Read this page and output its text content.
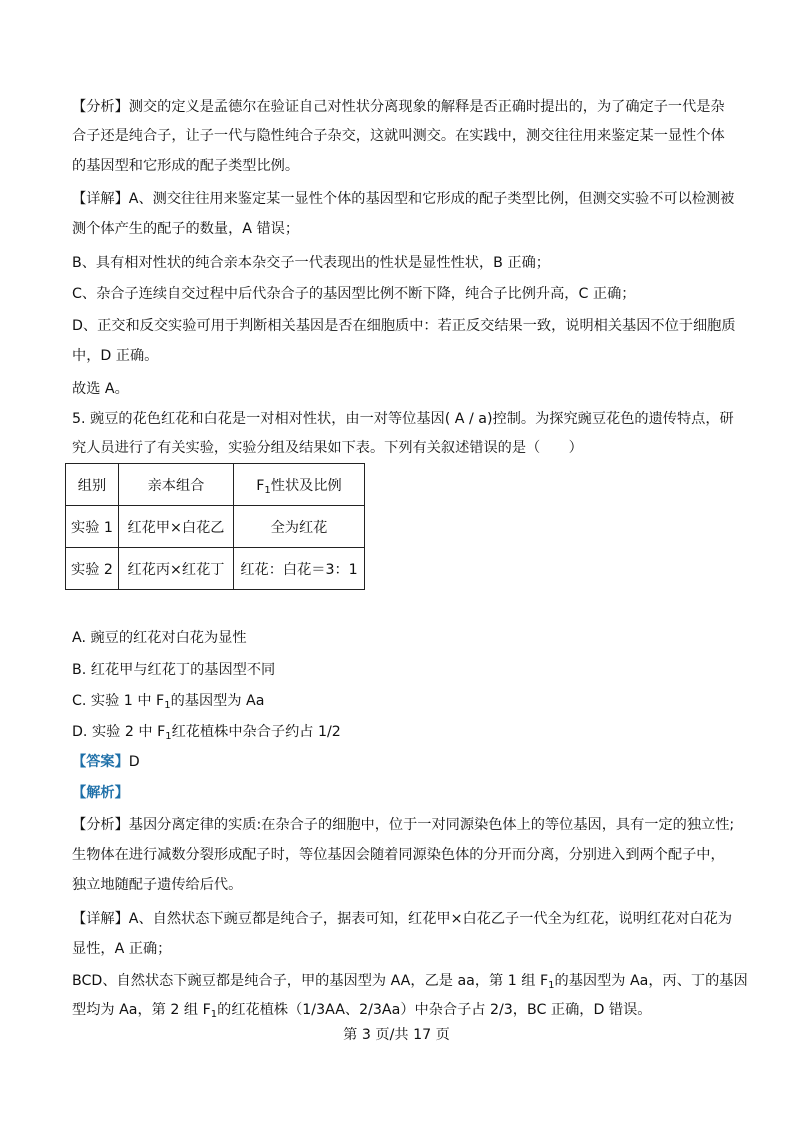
【分析】测交的定义是孟德尔在验证自己对性状分离现象的解释是否正确时提出的，为了确定子一代是杂
合子还是纯合子，让子一代与隐性纯合子杂交，这就叫测交。在实践中，测交往往用来鉴定某一显性个体
的基因型和它形成的配子类型比例。
【详解】A、测交往往用来鉴定某一显性个体的基因型和它形成的配子类型比例，但测交实验不可以检测被
测个体产生的配子的数量，A 错误；
B、具有相对性状的纯合亲本杂交子一代表现出的性状是显性性状，B 正确；
C、杂合子连续自交过程中后代杂合子的基因型比例不断下降，纯合子比例升高，C 正确；
D、正交和反交实验可用于判断相关基因是否在细胞质中：若正反交结果一致，说明相关基因不位于细胞质
中，D 正确。
故选 A。
5. 豌豆的花色红花和白花是一对相对性状，由一对等位基因( A / a)控制。为探究豌豆花色的遗传特点，研
究人员进行了有关实验，实验分组及结果如下表。下列有关叙述错误的是（　　）
组别	亲本组合	$F_1$性状及比例
实验 1	红花甲×白花乙	全为红花
实验 2	红花丙×红花丁	红花：白花＝3：1
A. 豌豆的红花对白花为显性
B. 红花甲与红花丁的基因型不同
C. 实验 1 中 $F_1$的基因型为 Aa
D. 实验 2 中 $F_1$红花植株中杂合子约占 1/2
【答案】D
【解析】
【分析】基因分离定律的实质:在杂合子的细胞中，位于一对同源染色体上的等位基因，具有一定的独立性;
生物体在进行减数分裂形成配子时，等位基因会随着同源染色体的分开而分离，分别进入到两个配子中，
独立地随配子遗传给后代。
【详解】A、自然状态下豌豆都是纯合子，据表可知，红花甲×白花乙子一代全为红花，说明红花对白花为
显性，A 正确；
BCD、自然状态下豌豆都是纯合子，甲的基因型为 AA，乙是 aa，第 1 组 $F_1$的基因型为 Aa，丙、丁的基因
型均为 Aa，第 2 组 $F_1$的红花植株（1/3AA、2/3Aa）中杂合子占 2/3，BC 正确，D 错误。
第 3 页/共 17 页
